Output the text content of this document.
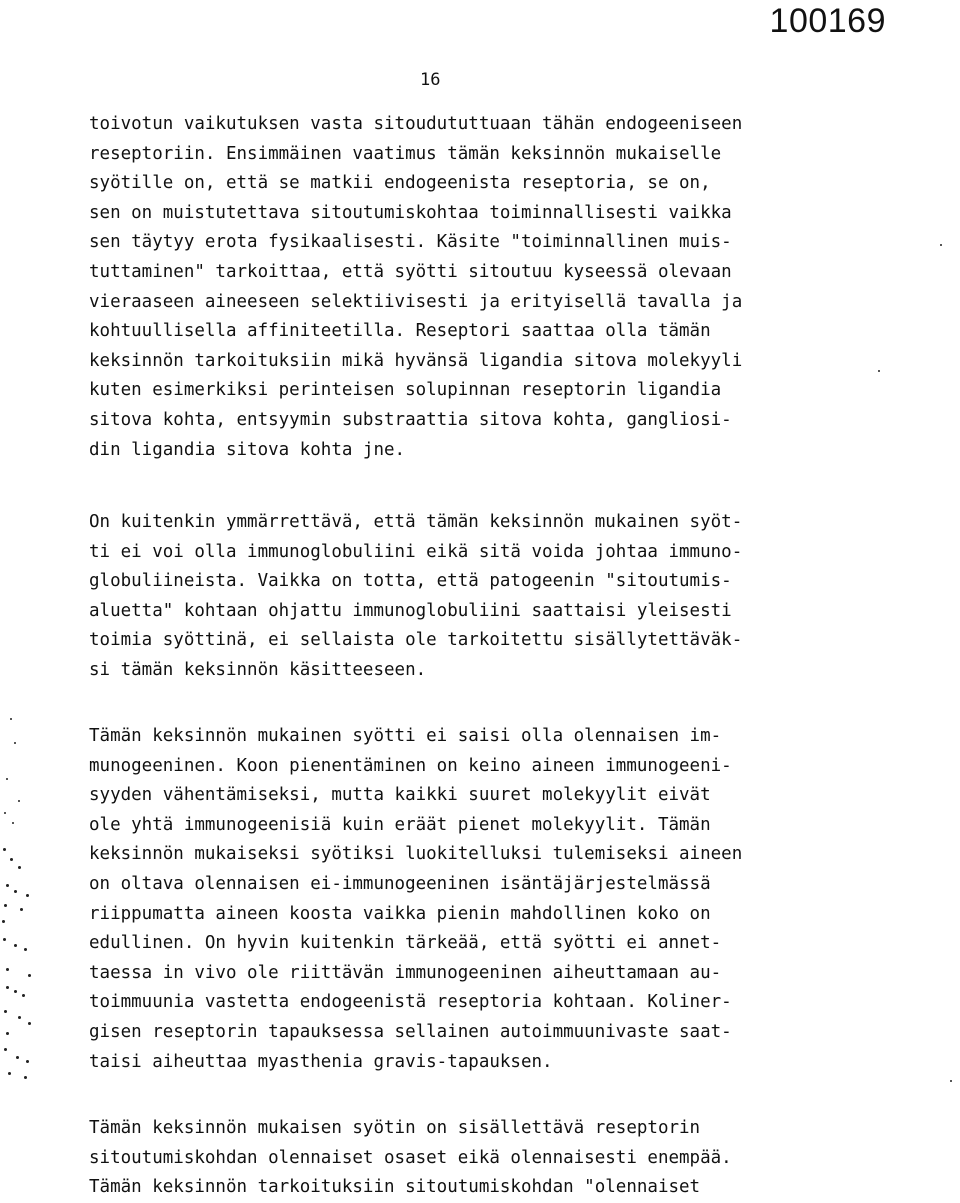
100169
16
toivotun vaikutuksen vasta sitoudututtuaan tähän endogeeniseen
reseptoriin. Ensimmäinen vaatimus tämän keksinnön mukaiselle
syötille on, että se matkii endogeenista reseptoria, se on,
sen on muistutettava sitoutumiskohtaa toiminnallisesti vaikka
sen täytyy erota fysikaalisesti. Käsite "toiminnallinen muis-
tuttaminen" tarkoittaa, että syötti sitoutuu kyseessä olevaan
vieraaseen aineeseen selektiivisesti ja erityisellä tavalla ja
kohtuullisella affiniteetilla. Reseptori saattaa olla tämän
keksinnön tarkoituksiin mikä hyvänsä ligandia sitova molekyyli
kuten esimerkiksi perinteisen solupinnan reseptorin ligandia
sitova kohta, entsyymin substraattia sitova kohta, gangliosi-
din ligandia sitova kohta jne.
On kuitenkin ymmärrettävä, että tämän keksinnön mukainen syöt-
ti ei voi olla immunoglobuliini eikä sitä voida johtaa immuno-
globuliineista. Vaikka on totta, että patogeenin "sitoutumis-
aluetta" kohtaan ohjattu immunoglobuliini saattaisi yleisesti
toimia syöttinä, ei sellaista ole tarkoitettu sisällytettäväk-
si tämän keksinnön käsitteeseen.
Tämän keksinnön mukainen syötti ei saisi olla olennaisen im-
munogeeninen. Koon pienentäminen on keino aineen immunogeeni-
syyden vähentämiseksi, mutta kaikki suuret molekyylit eivät
ole yhtä immunogeenisiä kuin eräät pienet molekyylit. Tämän
keksinnön mukaiseksi syötiksi luokitelluksi tulemiseksi aineen
on oltava olennaisen ei-immunogeeninen isäntäjärjestelmässä
riippumatta aineen koosta vaikka pienin mahdollinen koko on
edullinen. On hyvin kuitenkin tärkeää, että syötti ei annet-
taessa in vivo ole riittävän immunogeeninen aiheuttamaan au-
toimmuunia vastetta endogeenistä reseptoria kohtaan. Koliner-
gisen reseptorin tapauksessa sellainen autoimmuunivaste saat-
taisi aiheuttaa myasthenia gravis-tapauksen.
Tämän keksinnön mukaisen syötin on sisällettävä reseptorin
sitoutumiskohdan olennaiset osaset eikä olennaisesti enempää.
Tämän keksinnön tarkoituksiin sitoutumiskohdan "olennaiset
